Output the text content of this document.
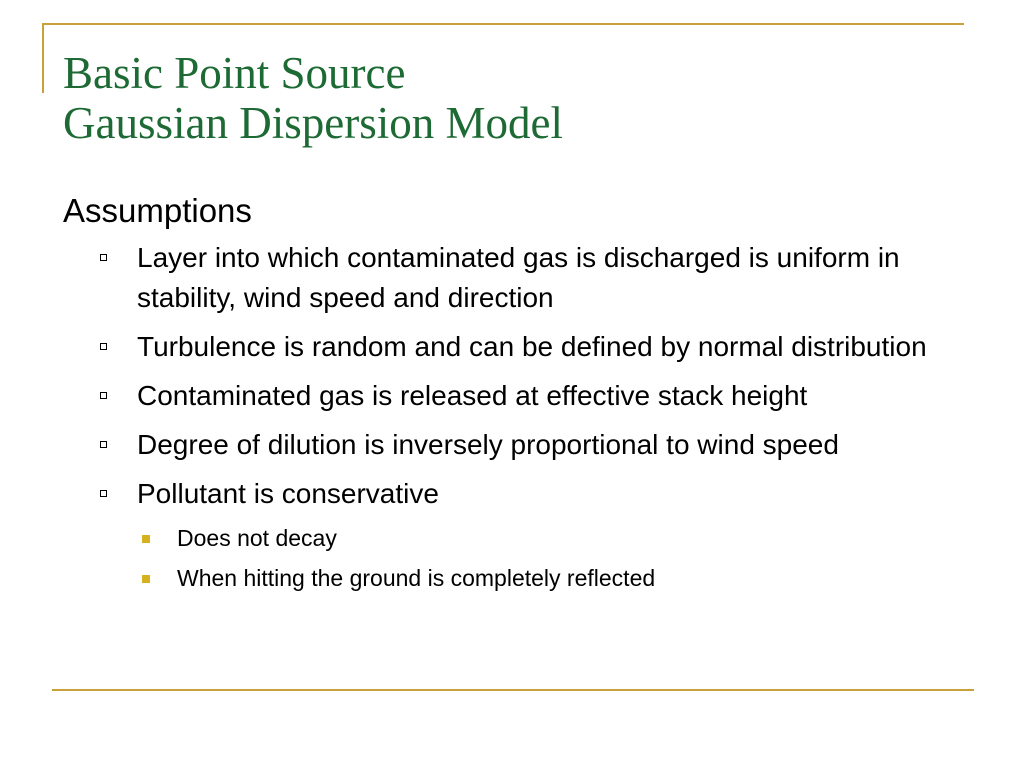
Basic Point Source
Gaussian Dispersion Model
Assumptions
Layer into which contaminated gas is discharged is uniform in stability, wind speed and direction
Turbulence is random and can be defined by normal distribution
Contaminated gas is released at effective stack height
Degree of dilution is inversely proportional to wind speed
Pollutant is conservative
Does not decay
When hitting the ground is completely reflected
